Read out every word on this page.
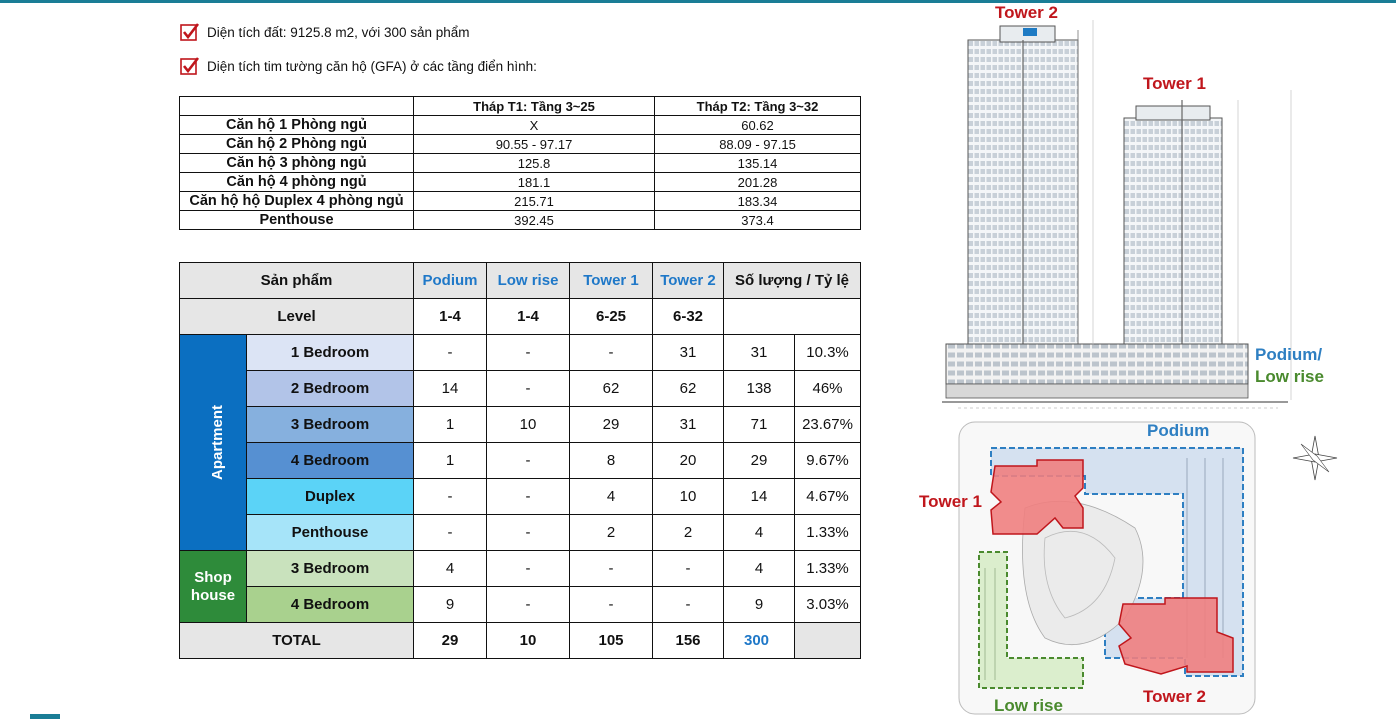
Diện tích đất: 9125.8 m2, với 300 sản phẩm
Diện tích tim tường căn hộ (GFA) ở các tầng điển hình:
	Tháp T1: Tầng 3~25	Tháp T2: Tầng 3~32
Căn hộ 1 Phòng ngủ	X	60.62
Căn hộ 2 Phòng ngủ	90.55 - 97.17	88.09 - 97.15
Căn hộ 3 phòng ngủ	125.8	135.14
Căn hộ 4 phòng ngủ	181.1	201.28
Căn hộ hộ Duplex 4 phòng ngủ	215.71	183.34
Penthouse	392.45	373.4
Sản phẩm		Podium	Low rise	Tower 1	Tower 2	Số lượng / Tỷ lệ	
Level		1-4	1-4	6-25	6-32		
Apartment	1 Bedroom	-	-	-	31	31	10.3%
	2 Bedroom	14	-	62	62	138	46%
	3 Bedroom	1	10	29	31	71	23.67%
	4 Bedroom	1	-	8	20	29	9.67%
	Duplex	-	-	4	10	14	4.67%
	Penthouse	-	-	2	2	4	1.33%

Shop
house	3 Bedroom	4	-	-	-	4	1.33%
	4 Bedroom	9	-	-	-	9	3.03%
TOTAL		29	10	105	156	300	
Tower 2
Tower 1
Podium/
Low rise
Podium
Tower 1
Tower 2
Low rise
